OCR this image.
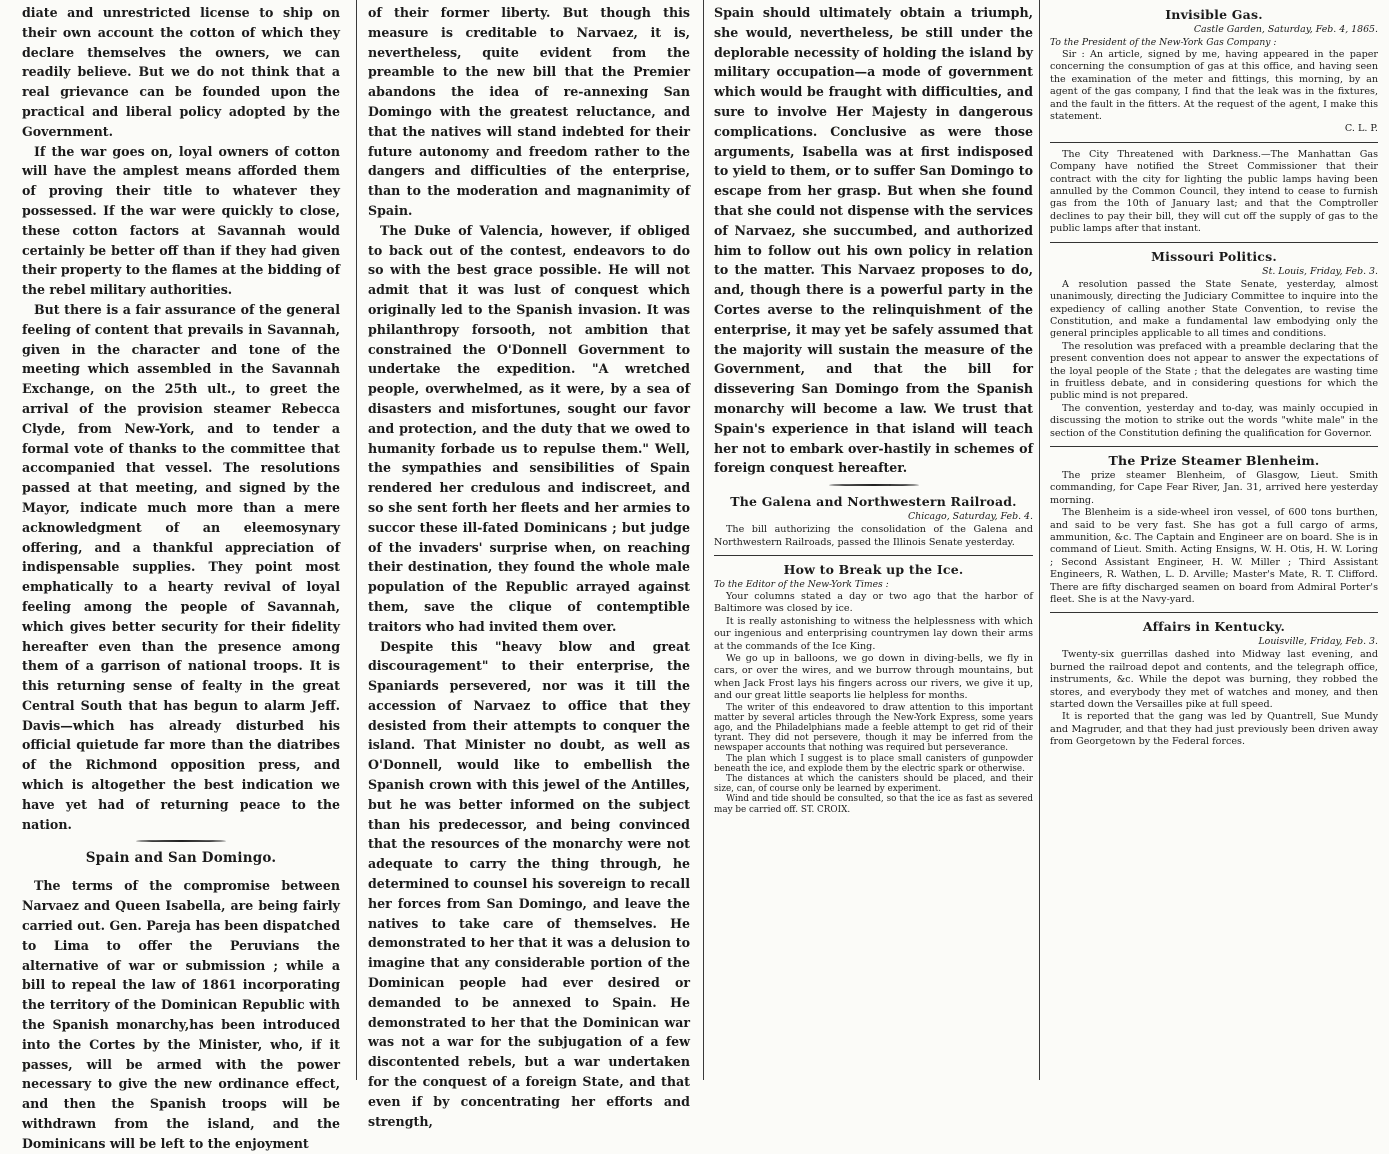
diate and unrestricted license to ship on their own account the cotton of which they declare themselves the owners, we can readily believe. But we do not think that a real grievance can be founded upon the practical and liberal policy adopted by the Government.

If the war goes on, loyal owners of cotton will have the amplest means afforded them of proving their title to whatever they possessed. If the war were quickly to close, these cotton factors at Savannah would certainly be better off than if they had given their property to the flames at the bidding of the rebel military authorities.

But there is a fair assurance of the general feeling of content that prevails in Savannah, given in the character and tone of the meeting which assembled in the Savannah Exchange, on the 25th ult., to greet the arrival of the provision steamer Rebecca Clyde, from New-York, and to tender a formal vote of thanks to the committee that accompanied that vessel. The resolutions passed at that meeting, and signed by the Mayor, indicate much more than a mere acknowledgment of an eleemosynary offering, and a thankful appreciation of indispensable supplies. They point most emphatically to a hearty revival of loyal feeling among the people of Savannah, which gives better security for their fidelity hereafter even than the presence among them of a garrison of national troops. It is this returning sense of fealty in the great Central South that has begun to alarm Jeff. Davis—which has already disturbed his official quietude far more than the diatribes of the Richmond opposition press, and which is altogether the best indication we have yet had of returning peace to the nation.

Spain and San Domingo.

The terms of the compromise between Narvaez and Queen Isabella, are being fairly carried out. Gen. Pareja has been dispatched to Lima to offer the Peruvians the alternative of war or submission ; while a bill to repeal the law of 1861 incorporating the territory of the Dominican Republic with the Spanish monarchy,has been introduced into the Cortes by the Minister, who, if it passes, will be armed with the power necessary to give the new ordinance effect, and then the Spanish troops will be withdrawn from the island, and the Dominicans will be left to the enjoyment

of their former liberty. But though this measure is creditable to Narvaez, it is, nevertheless, quite evident from the preamble to the new bill that the Premier abandons the idea of re-annexing San Domingo with the greatest reluctance, and that the natives will stand indebted for their future autonomy and freedom rather to the dangers and difficulties of the enterprise, than to the moderation and magnanimity of Spain.

The Duke of Valencia, however, if obliged to back out of the contest, endeavors to do so with the best grace possible. He will not admit that it was lust of conquest which originally led to the Spanish invasion. It was philanthropy forsooth, not ambition that constrained the O'Donnell Government to undertake the expedition. "A wretched people, overwhelmed, as it were, by a sea of disasters and misfortunes, sought our favor and protection, and the duty that we owed to humanity forbade us to repulse them." Well, the sympathies and sensibilities of Spain rendered her credulous and indiscreet, and so she sent forth her fleets and her armies to succor these ill-fated Dominicans ; but judge of the invaders' surprise when, on reaching their destination, they found the whole male population of the Republic arrayed against them, save the clique of contemptible traitors who had invited them over.

Despite this "heavy blow and great discouragement" to their enterprise, the Spaniards persevered, nor was it till the accession of Narvaez to office that they desisted from their attempts to conquer the island. That Minister no doubt, as well as O'Donnell, would like to embellish the Spanish crown with this jewel of the Antilles, but he was better informed on the subject than his predecessor, and being convinced that the resources of the monarchy were not adequate to carry the thing through, he determined to counsel his sovereign to recall her forces from San Domingo, and leave the natives to take care of themselves. He demonstrated to her that it was a delusion to imagine that any considerable portion of the Dominican people had ever desired or demanded to be annexed to Spain. He demonstrated to her that the Dominican war was not a war for the subjugation of a few discontented rebels, but a war undertaken for the conquest of a foreign State, and that even if by concentrating her efforts and strength,

Spain should ultimately obtain a triumph, she would, nevertheless, be still under the deplorable necessity of holding the island by military occupation—a mode of government which would be fraught with difficulties, and sure to involve Her Majesty in dangerous complications. Conclusive as were those arguments, Isabella was at first indisposed to yield to them, or to suffer San Domingo to escape from her grasp. But when she found that she could not dispense with the services of Narvaez, she succumbed, and authorized him to follow out his own policy in relation to the matter. This Narvaez proposes to do, and, though there is a powerful party in the Cortes averse to the relinquishment of the enterprise, it may yet be safely assumed that the majority will sustain the measure of the Government, and that the bill for dissevering San Domingo from the Spanish monarchy will become a law. We trust that Spain's experience in that island will teach her not to embark over-hastily in schemes of foreign conquest hereafter.

The Galena and Northwestern Railroad.
Chicago, Saturday, Feb. 4.

The bill authorizing the consolidation of the Galena and Northwestern Railroads, passed the Illinois Senate yesterday.

How to Break up the Ice.
To the Editor of the New-York Times :

Your columns stated a day or two ago that the harbor of Baltimore was closed by ice.

It is really astonishing to witness the helplessness with which our ingenious and enterprising countrymen lay down their arms at the commands of the Ice King.

We go up in balloons, we go down in diving-bells, we fly in cars, or over the wires, and we burrow through mountains, but when Jack Frost lays his fingers across our rivers, we give it up, and our great little seaports lie helpless for months.

The writer of this endeavored to draw attention to this important matter by several articles through the New-York Express, some years ago, and the Philadelphians made a feeble attempt to get rid of their tyrant. They did not persevere, though it may be inferred from the newspaper accounts that nothing was required but perseverance.

The plan which I suggest is to place small canisters of gunpowder beneath the ice, and explode them by the electric spark or otherwise.

The distances at which the canisters should be placed, and their size, can, of course only be learned by experiment.

Wind and tide should be consulted, so that the ice as fast as severed may be carried off. ST. CROIX.

Invisible Gas.
Castle Garden, Saturday, Feb. 4, 1865.
To the President of the New-York Gas Company :

Sir : An article, signed by me, having appeared in the paper concerning the consumption of gas at this office, and having seen the examination of the meter and fittings, this morning, by an agent of the gas company, I find that the leak was in the fixtures, and the fault in the fitters. At the request of the agent, I make this statement.

C. L. P.

The City Threatened with Darkness.—The Manhattan Gas Company have notified the Street Commissioner that their contract with the city for lighting the public lamps having been annulled by the Common Council, they intend to cease to furnish gas from the 10th of January last; and that the Comptroller declines to pay their bill, they will cut off the supply of gas to the public lamps after that instant.

Missouri Politics.
St. Louis, Friday, Feb. 3.

A resolution passed the State Senate, yesterday, almost unanimously, directing the Judiciary Committee to inquire into the expediency of calling another State Convention, to revise the Constitution, and make a fundamental law embodying only the general principles applicable to all times and conditions.

The resolution was prefaced with a preamble declaring that the present convention does not appear to answer the expectations of the loyal people of the State ; that the delegates are wasting time in fruitless debate, and in considering questions for which the public mind is not prepared.

The convention, yesterday and to-day, was mainly occupied in discussing the motion to strike out the words "white male" in the section of the Constitution defining the qualification for Governor.

The Prize Steamer Blenheim.

The prize steamer Blenheim, of Glasgow, Lieut. Smith commanding, for Cape Fear River, Jan. 31, arrived here yesterday morning.

The Blenheim is a side-wheel iron vessel, of 600 tons burthen, and said to be very fast. She has got a full cargo of arms, ammunition, &c. The Captain and Engineer are on board. She is in command of Lieut. Smith. Acting Ensigns, W. H. Otis, H. W. Loring ; Second Assistant Engineer, H. W. Miller ; Third Assistant Engineers, R. Wathen, L. D. Arville; Master's Mate, R. T. Clifford. There are fifty discharged seamen on board from Admiral Porter's fleet. She is at the Navy-yard.

Affairs in Kentucky.
Louisville, Friday, Feb. 3.

Twenty-six guerrillas dashed into Midway last evening, and burned the railroad depot and contents, and the telegraph office, instruments, &c. While the depot was burning, they robbed the stores, and everybody they met of watches and money, and then started down the Versailles pike at full speed.

It is reported that the gang was led by Quantrell, Sue Mundy and Magruder, and that they had just previously been driven away from Georgetown by the Federal forces.
